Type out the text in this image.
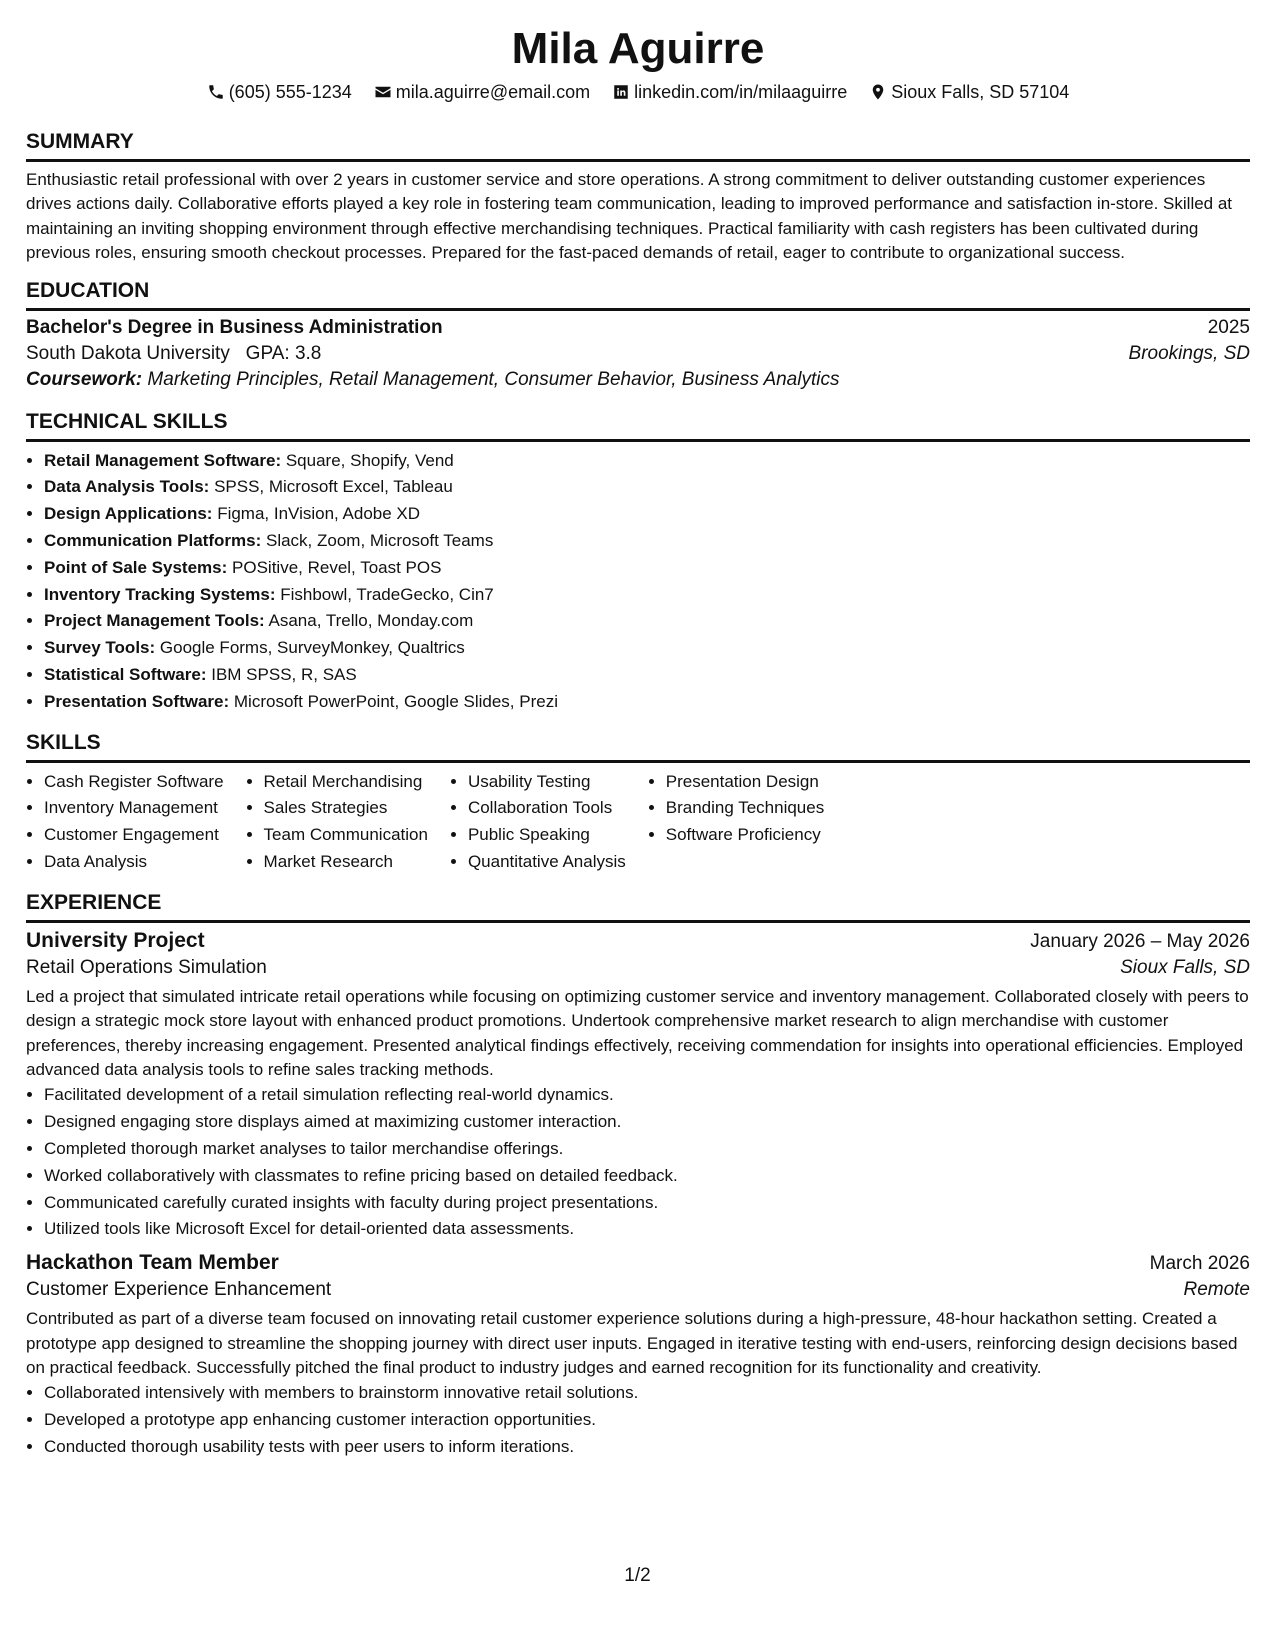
Mila Aguirre
(605) 555-1234 mila.aguirre@email.com linkedin.com/in/milaaguirre Sioux Falls, SD 57104
SUMMARY

Enthusiastic retail professional with over 2 years in customer service and store operations. A strong commitment to deliver outstanding customer experiences drives actions daily. Collaborative efforts played a key role in fostering team communication, leading to improved performance and satisfaction in-store. Skilled at maintaining an inviting shopping environment through effective merchandising techniques. Practical familiarity with cash registers has been cultivated during previous roles, ensuring smooth checkout processes. Prepared for the fast-paced demands of retail, eager to contribute to organizational success.

EDUCATION
Bachelor's Degree in Business Administration	2025
South Dakota University GPA: 3.8	Brookings, SD
Coursework: Marketing Principles, Retail Management, Consumer Behavior, Business Analytics
TECHNICAL SKILLS
• Retail Management Software: Square, Shopify, Vend
• Data Analysis Tools: SPSS, Microsoft Excel, Tableau
• Design Applications: Figma, InVision, Adobe XD
• Communication Platforms: Slack, Zoom, Microsoft Teams
• Point of Sale Systems: POSitive, Revel, Toast POS
• Inventory Tracking Systems: Fishbowl, TradeGecko, Cin7
• Project Management Tools: Asana, Trello, Monday.com
• Survey Tools: Google Forms, SurveyMonkey, Qualtrics
• Statistical Software: IBM SPSS, R, SAS
• Presentation Software: Microsoft PowerPoint, Google Slides, Prezi
SKILLS
• Cash Register Software
• Inventory Management
• Customer Engagement
• Data Analysis
• Retail Merchandising
• Sales Strategies
• Team Communication
• Market Research
• Usability Testing
• Collaboration Tools
• Public Speaking
• Quantitative Analysis
• Presentation Design
• Branding Techniques
• Software Proficiency
EXPERIENCE
University Project	January 2026 – May 2026
Retail Operations Simulation	Sioux Falls, SD

Led a project that simulated intricate retail operations while focusing on optimizing customer service and inventory management. Collaborated closely with peers to design a strategic mock store layout with enhanced product promotions. Undertook comprehensive market research to align merchandise with customer preferences, thereby increasing engagement. Presented analytical findings effectively, receiving commendation for insights into operational efficiencies. Employed advanced data analysis tools to refine sales tracking methods.

• Facilitated development of a retail simulation reflecting real-world dynamics.
• Designed engaging store displays aimed at maximizing customer interaction.
• Completed thorough market analyses to tailor merchandise offerings.
• Worked collaboratively with classmates to refine pricing based on detailed feedback.
• Communicated carefully curated insights with faculty during project presentations.
• Utilized tools like Microsoft Excel for detail-oriented data assessments.
Hackathon Team Member	March 2026
Customer Experience Enhancement	Remote

Contributed as part of a diverse team focused on innovating retail customer experience solutions during a high-pressure, 48-hour hackathon setting. Created a prototype app designed to streamline the shopping journey with direct user inputs. Engaged in iterative testing with end-users, reinforcing design decisions based on practical feedback. Successfully pitched the final product to industry judges and earned recognition for its functionality and creativity.

• Collaborated intensively with members to brainstorm innovative retail solutions.
• Developed a prototype app enhancing customer interaction opportunities.
• Conducted thorough usability tests with peer users to inform iterations.
1/2
